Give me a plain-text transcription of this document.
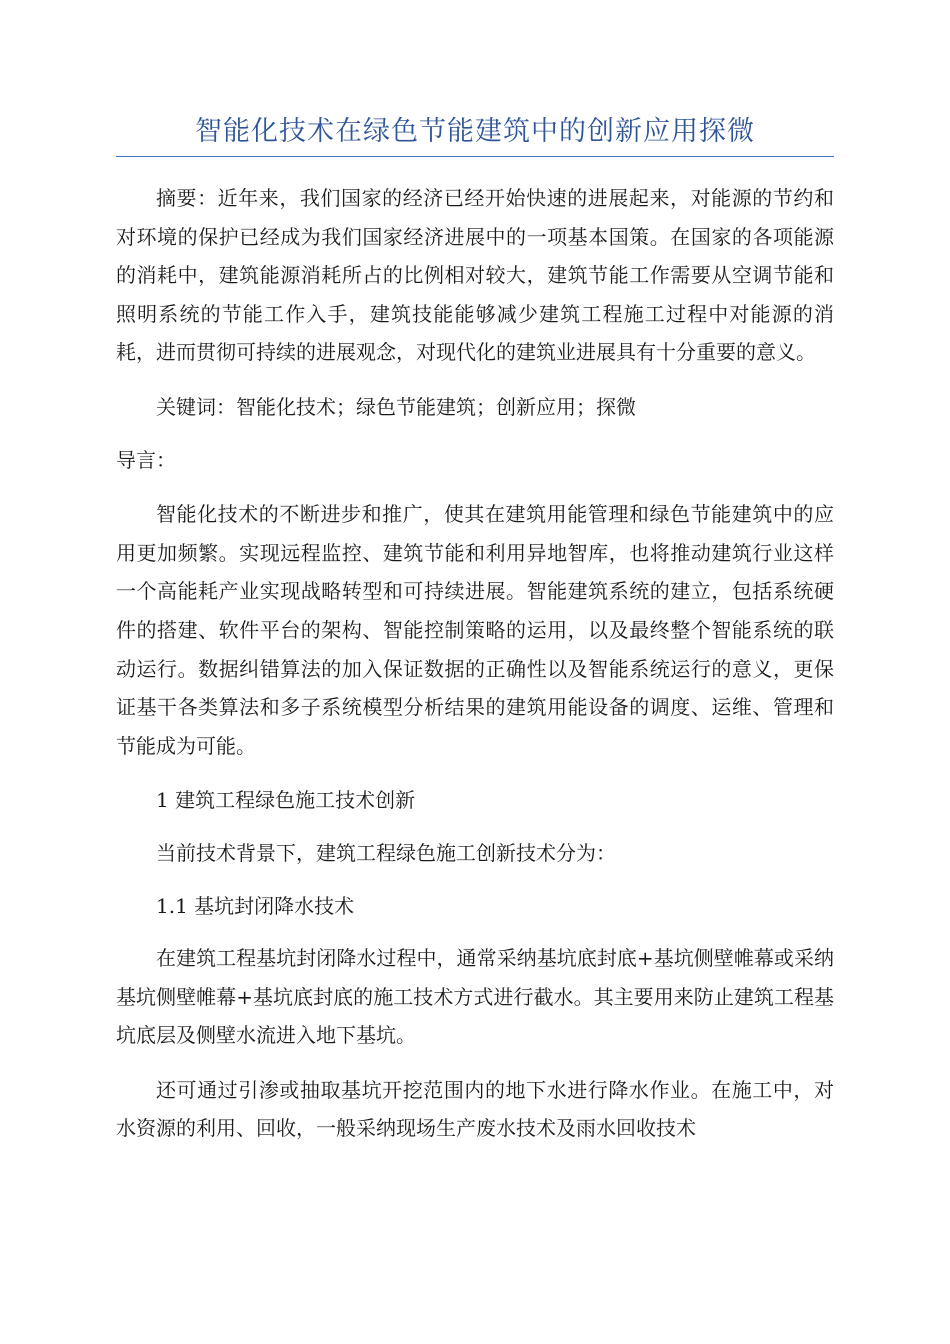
智能化技术在绿色节能建筑中的创新应用探微

摘要：近年来，我们国家的经济已经开始快速的进展起来，对能源的节约和对环境的保护已经成为我们国家经济进展中的一项基本国策。在国家的各项能源的消耗中，建筑能源消耗所占的比例相对较大，建筑节能工作需要从空调节能和照明系统的节能工作入手，建筑技能能够减少建筑工程施工过程中对能源的消耗，进而贯彻可持续的进展观念，对现代化的建筑业进展具有十分重要的意义。

关键词：智能化技术；绿色节能建筑；创新应用；探微

导言：

智能化技术的不断进步和推广，使其在建筑用能管理和绿色节能建筑中的应用更加频繁。实现远程监控、建筑节能和利用异地智库，也将推动建筑行业这样一个高能耗产业实现战略转型和可持续进展。智能建筑系统的建立，包括系统硬件的搭建、软件平台的架构、智能控制策略的运用，以及最终整个智能系统的联动运行。数据纠错算法的加入保证数据的正确性以及智能系统运行的意义，更保证基干各类算法和多子系统模型分析结果的建筑用能设备的调度、运维、管理和节能成为可能。

1 建筑工程绿色施工技术创新

当前技术背景下，建筑工程绿色施工创新技术分为：

1.1 基坑封闭降水技术

在建筑工程基坑封闭降水过程中，通常采纳基坑底封底+基坑侧壁帷幕或采纳基坑侧壁帷幕+基坑底封底的施工技术方式进行截水。其主要用来防止建筑工程基坑底层及侧壁水流进入地下基坑。

还可通过引渗或抽取基坑开挖范围内的地下水进行降水作业。在施工中，对水资源的利用、回收，一般采纳现场生产废水技术及雨水回收技术
